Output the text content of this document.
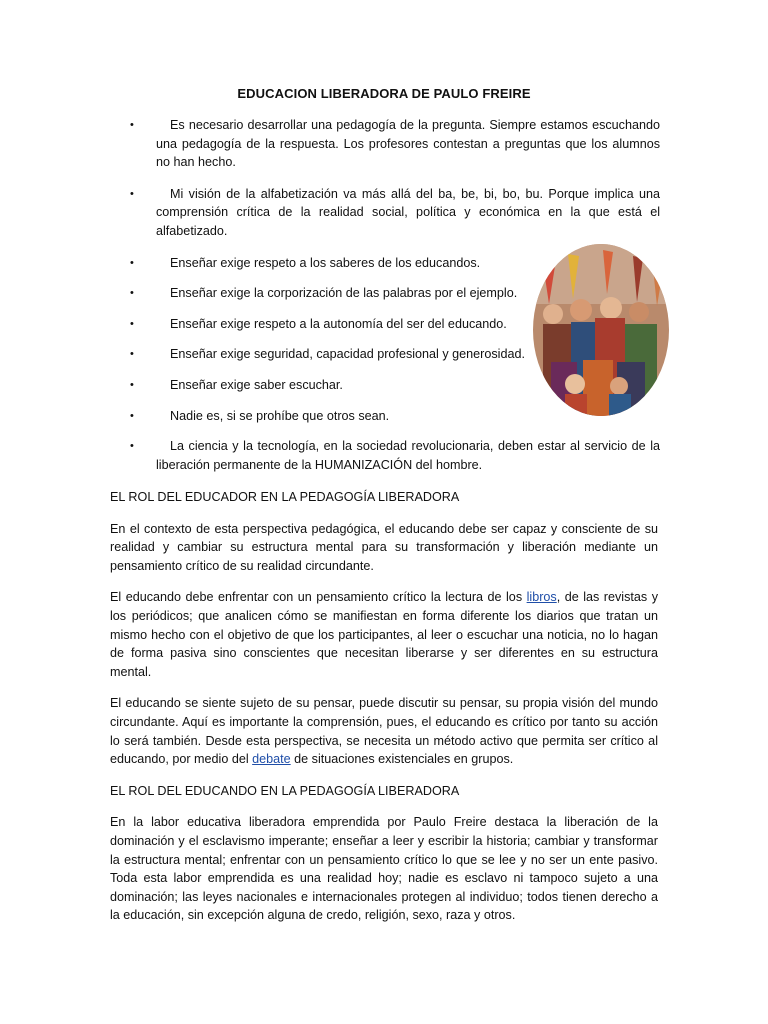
EDUCACION LIBERADORA DE PAULO FREIRE
•	Es necesario desarrollar una pedagogía de la pregunta. Siempre estamos escuchando una pedagogía de la respuesta. Los profesores contestan a preguntas que los alumnos no han hecho.
•	Mi visión de la alfabetización va más allá del ba, be, bi, bo, bu. Porque implica una comprensión crítica de la realidad social, política y económica en la que está el alfabetizado.
•	Enseñar exige respeto a los saberes de los educandos.
•	Enseñar exige la corporización de las palabras por el ejemplo.
•	Enseñar exige respeto a la autonomía del ser del educando.
•	Enseñar exige seguridad, capacidad profesional y generosidad.
•	Enseñar exige saber escuchar.
•	Nadie es, si se prohíbe que otros sean.
•	La ciencia y la tecnología, en la sociedad revolucionaria, deben estar al servicio de la liberación permanente de la HUMANIZACIÓN del hombre.
EL ROL DEL EDUCADOR EN LA PEDAGOGÍA LIBERADORA
En el contexto de esta perspectiva pedagógica, el educando debe ser capaz y consciente de su realidad y cambiar su estructura mental para su transformación y liberación mediante un pensamiento crítico de su realidad circundante.
El educando debe enfrentar con un pensamiento crítico la lectura de los libros, de las revistas y los periódicos; que analicen cómo se manifiestan en forma diferente los diarios que tratan un mismo hecho con el objetivo de que los participantes, al leer o escuchar una noticia, no lo hagan de forma pasiva sino conscientes que necesitan liberarse y ser diferentes en su estructura mental.
El educando se siente sujeto de su pensar, puede discutir su pensar, su propia visión del mundo circundante. Aquí es importante la comprensión, pues, el educando es crítico por tanto su acción lo será también. Desde esta perspectiva, se necesita un método activo que permita ser crítico al educando, por medio del debate de situaciones existenciales en grupos.
EL ROL DEL EDUCANDO EN LA PEDAGOGÍA LIBERADORA
En la labor educativa liberadora emprendida por Paulo Freire destaca la liberación de la dominación y el esclavismo imperante; enseñar a leer y escribir la historia; cambiar y transformar la estructura mental; enfrentar con un pensamiento crítico lo que se lee y no ser un ente pasivo. Toda esta labor emprendida es una realidad hoy; nadie es esclavo ni tampoco sujeto a una dominación; las leyes nacionales e internacionales protegen al individuo; todos tienen derecho a la educación, sin excepción alguna de credo, religión, sexo, raza y otros.
